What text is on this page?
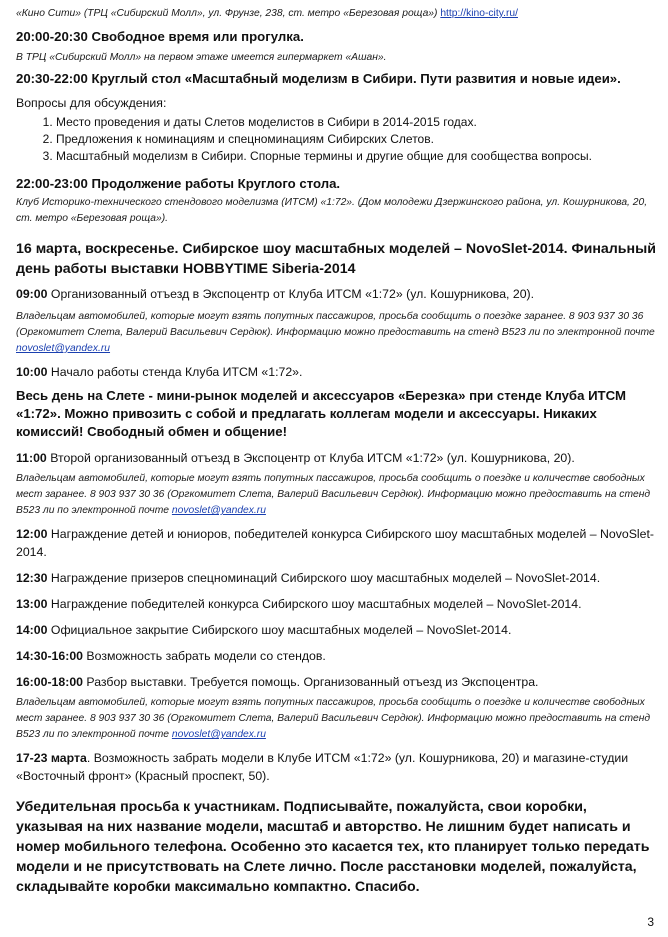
«Кино Сити» (ТРЦ «Сибирский Молл», ул. Фрунзе, 238, ст. метро «Березовая роща») http://kino-city.ru/

20:00-20:30 Свободное время или прогулка.

В ТРЦ «Сибирский Молл» на первом этаже имеется гипермаркет «Ашан».

20:30-22:00 Круглый стол «Масштабный моделизм в Сибири. Пути развития и новые идеи».

Вопросы для обсуждения:

1. Место проведения и даты Слетов моделистов в Сибири в 2014-2015 годах.
2. Предложения к номинациям и спецноминациям Сибирских Слетов.
3. Масштабный моделизм в Сибири. Спорные термины и другие общие для сообщества вопросы.

22:00-23:00 Продолжение работы Круглого стола.

Клуб Историко-технического стендового моделизма (ИТСМ) «1:72». (Дом молодежи Дзержинского района, ул. Кошурникова, 20, ст. метро «Березовая роща»).

16 марта, воскресенье. Сибирское шоу масштабных моделей – NovoSlet-2014. Финальный день работы выставки HOBBYTIME Siberia-2014

09:00 Организованный отъезд в Экспоцентр от Клуба ИТСМ «1:72» (ул. Кошурникова, 20).

Владельцам автомобилей, которые могут взять попутных пассажиров, просьба сообщить о поездке заранее. 8 903 937 30 36 (Оргкомитет Слета, Валерий Васильевич Сердюк). Информацию можно предоставить на стенд В523 ли по электронной почте novoslet@yandex.ru

10:00 Начало работы стенда Клуба ИТСМ «1:72».

Весь день на Слете - мини-рынок моделей и аксессуаров «Березка» при стенде Клуба ИТСМ «1:72». Можно привозить с собой и предлагать коллегам модели и аксессуары. Никаких комиссий! Свободный обмен и общение!

11:00 Второй организованный отъезд в Экспоцентр от Клуба ИТСМ «1:72» (ул. Кошурникова, 20).

Владельцам автомобилей, которые могут взять попутных пассажиров, просьба сообщить о поездке и количестве свободных мест заранее. 8 903 937 30 36 (Оргкомитет Слета, Валерий Васильевич Сердюк). Информацию можно предоставить на стенд В523 ли по электронной почте novoslet@yandex.ru

12:00 Награждение детей и юниоров, победителей конкурса Сибирского шоу масштабных моделей – NovoSlet-2014.

12:30 Награждение призеров спецноминаций Сибирского шоу масштабных моделей – NovoSlet-2014.

13:00 Награждение победителей конкурса Сибирского шоу масштабных моделей – NovoSlet-2014.

14:00 Официальное закрытие Сибирского шоу масштабных моделей – NovoSlet-2014.

14:30-16:00 Возможность забрать модели со стендов.

16:00-18:00 Разбор выставки. Требуется помощь. Организованный отъезд из Экспоцентра.

Владельцам автомобилей, которые могут взять попутных пассажиров, просьба сообщить о поездке и количестве свободных мест заранее. 8 903 937 30 36 (Оргкомитет Слета, Валерий Васильевич Сердюк). Информацию можно предоставить на стенд В523 ли по электронной почте novoslet@yandex.ru

17-23 марта. Возможность забрать модели в Клубе ИТСМ «1:72» (ул. Кошурникова, 20) и магазине-студии «Восточный фронт» (Красный проспект, 50).

Убедительная просьба к участникам. Подписывайте, пожалуйста, свои коробки, указывая на них название модели, масштаб и авторство. Не лишним будет написать и номер мобильного телефона. Особенно это касается тех, кто планирует только передать модели и не присутствовать на Слете лично. После расстановки моделей, пожалуйста, складывайте коробки максимально компактно. Спасибо.

3
